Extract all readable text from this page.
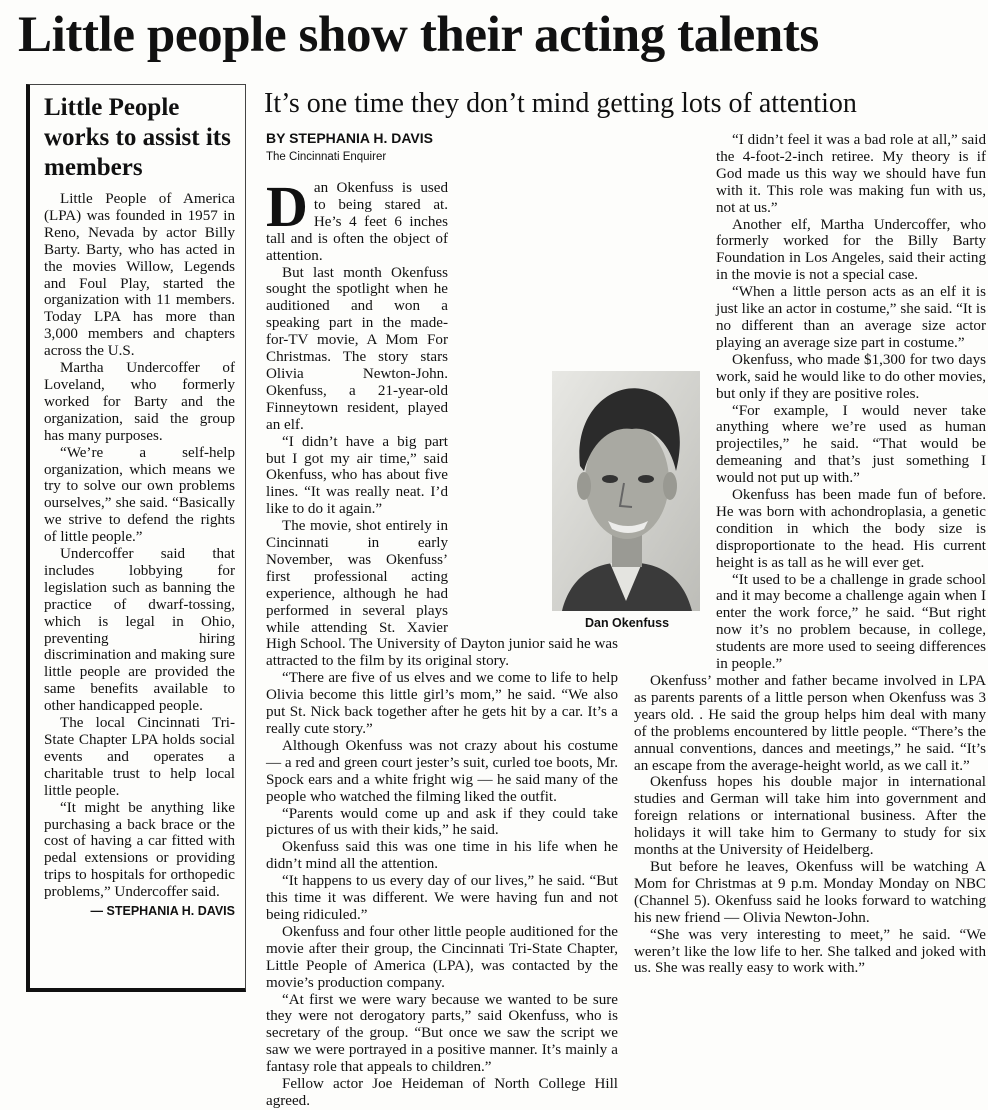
Little people show their acting talents
Little People works to assist its members

Little People of America (LPA) was founded in 1957 in Reno, Nevada by actor Billy Barty. Barty, who has acted in the movies Willow, Legends and Foul Play, started the organization with 11 members. Today LPA has more than 3,000 members and chapters across the U.S.

Martha Undercoffer of Loveland, who formerly worked for Barty and the organization, said the group has many purposes.

“We’re a self-help organization, which means we try to solve our own problems ourselves,” she said. “Basically we strive to defend the rights of little people.”

Undercoffer said that includes lobbying for legislation such as banning the practice of dwarf-tossing, which is legal in Ohio, preventing hiring discrimination and making sure little people are provided the same benefits available to other handicapped people.

The local Cincinnati Tri-State Chapter LPA holds social events and operates a charitable trust to help local little people.

“It might be anything like purchasing a back brace or the cost of having a car fitted with pedal extensions or providing trips to hospitals for orthopedic problems,” Undercoffer said.

— STEPHANIA H. DAVIS
It’s one time they don’t mind getting lots of attention
BY STEPHANIA H. DAVIS
The Cincinnati Enquirer

Dan Okenfuss is used to being stared at. He’s 4 feet 6 inches tall and is often the object of attention.

But last month Okenfuss sought the spotlight when he auditioned and won a speaking part in the made-for-TV movie, A Mom For Christmas. The story stars Olivia Newton-John. Okenfuss, a 21-year-old Finneytown resident, played an elf.

“I didn’t have a big part but I got my air time,” said Okenfuss, who has about five lines. “It was really neat. I’d like to do it again.”

The movie, shot entirely in Cincinnati in early November, was Okenfuss’ first professional acting experience, although he had performed in several plays while attending St. Xavier High School. The University of Dayton junior said he was attracted to the film by its original story.

“There are five of us elves and we come to life to help Olivia become this little girl’s mom,” he said. “We also put St. Nick back together after he gets hit by a car. It’s a really cute story.”

Although Okenfuss was not crazy about his costume — a red and green court jester’s suit, curled toe boots, Mr. Spock ears and a white fright wig — he said many of the people who watched the filming liked the outfit.

“Parents would come up and ask if they could take pictures of us with their kids,” he said.

Okenfuss said this was one time in his life when he didn’t mind all the attention.

“It happens to us every day of our lives,” he said. “But this time it was different. We were having fun and not being ridiculed.”

Okenfuss and four other little people auditioned for the movie after their group, the Cincinnati Tri-State Chapter, Little People of America (LPA), was contacted by the movie’s production company.

“At first we were wary because we wanted to be sure they were not derogatory parts,” said Okenfuss, who is secretary of the group. “But once we saw the script we saw we were portrayed in a positive manner. It’s mainly a fantasy role that appeals to children.”

Fellow actor Joe Heideman of North College Hill agreed.

“I didn’t feel it was a bad role at all,” said the 4-foot-2-inch retiree. My theory is if God made us this way we should have fun with it. This role was making fun with us, not at us.”

Another elf, Martha Undercoffer, who formerly worked for the Billy Barty Foundation in Los Angeles, said their acting in the movie is not a special case.

“When a little person acts as an elf it is just like an actor in costume,” she said. “It is no different than an average size actor playing an average size part in costume.”

Okenfuss, who made $1,300 for two days work, said he would like to do other movies, but only if they are positive roles.

“For example, I would never take anything where we’re used as human projectiles,” he said. “That would be demeaning and that’s just something I would not put up with.”

Okenfuss has been made fun of before. He was born with achondroplasia, a genetic condition in which the body size is disproportionate to the head. His current height is as tall as he will ever get.

“It used to be a challenge in grade school and it may become a challenge again when I enter the work force,” he said. “But right now it’s no problem because, in college, students are more used to seeing differences in people.”

Okenfuss’ mother and father became involved in LPA as parents parents of a little person when Okenfuss was 3 years old. . He said the group helps him deal with many of the problems encountered by little people. “There’s the annual conventions, dances and meetings,” he said. “It’s an escape from the average-height world, as we call it.”

Okenfuss hopes his double major in international studies and German will take him into government and foreign relations or international business. After the holidays it will take him to Germany to study for six months at the University of Heidelberg.

But before he leaves, Okenfuss will be watching A Mom for Christmas at 9 p.m. Monday Monday on NBC (Channel 5). Okenfuss said he looks forward to watching his new friend — Olivia Newton-John.

“She was very interesting to meet,” he said. “We weren’t like the low life to her. She talked and joked with us. She was really easy to work with.”

Dan Okenfuss
